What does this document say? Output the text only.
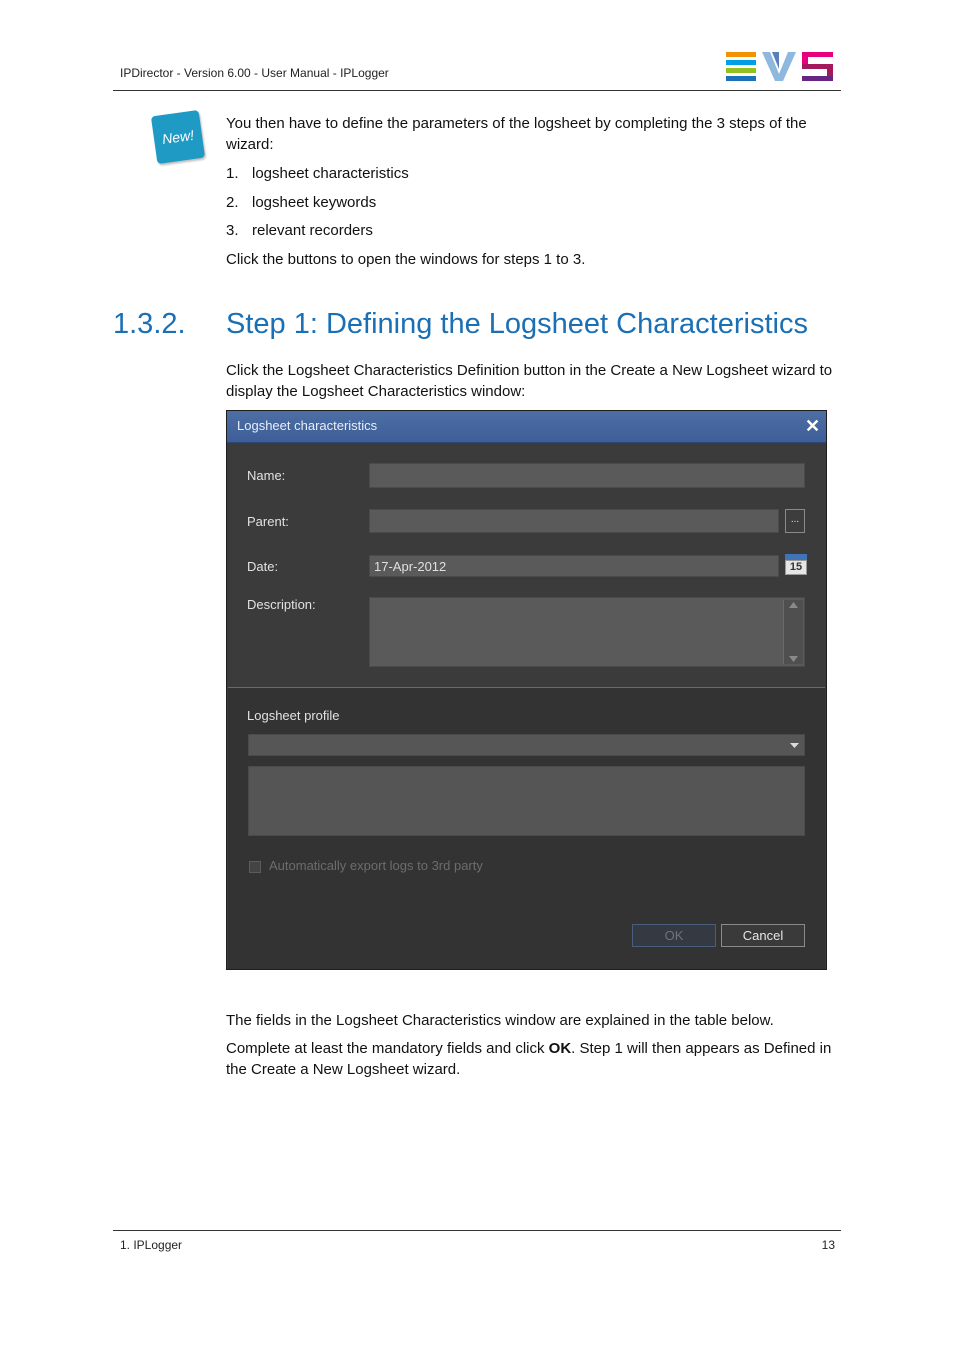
IPDirector - Version 6.00 - User Manual - IPLogger
New!
You then have to define the parameters of the logsheet by completing the 3 steps of the wizard:
1. logsheet characteristics
2. logsheet keywords
3. relevant recorders
Click the buttons to open the windows for steps 1 to 3.
1.3.2. Step 1: Defining the Logsheet Characteristics
Click the Logsheet Characteristics Definition button in the Create a New Logsheet wizard to display the Logsheet Characteristics window:
Logsheet characteristics	✕
Name:
Parent:	...
Date:	17-Apr-2012	15
Description:
Logsheet profile
Automatically export logs to 3rd party
OK	Cancel
The fields in the Logsheet Characteristics window are explained in the table below.
Complete at least the mandatory fields and click OK. Step 1 will then appears as Defined in the Create a New Logsheet wizard.
1. IPLogger	13
